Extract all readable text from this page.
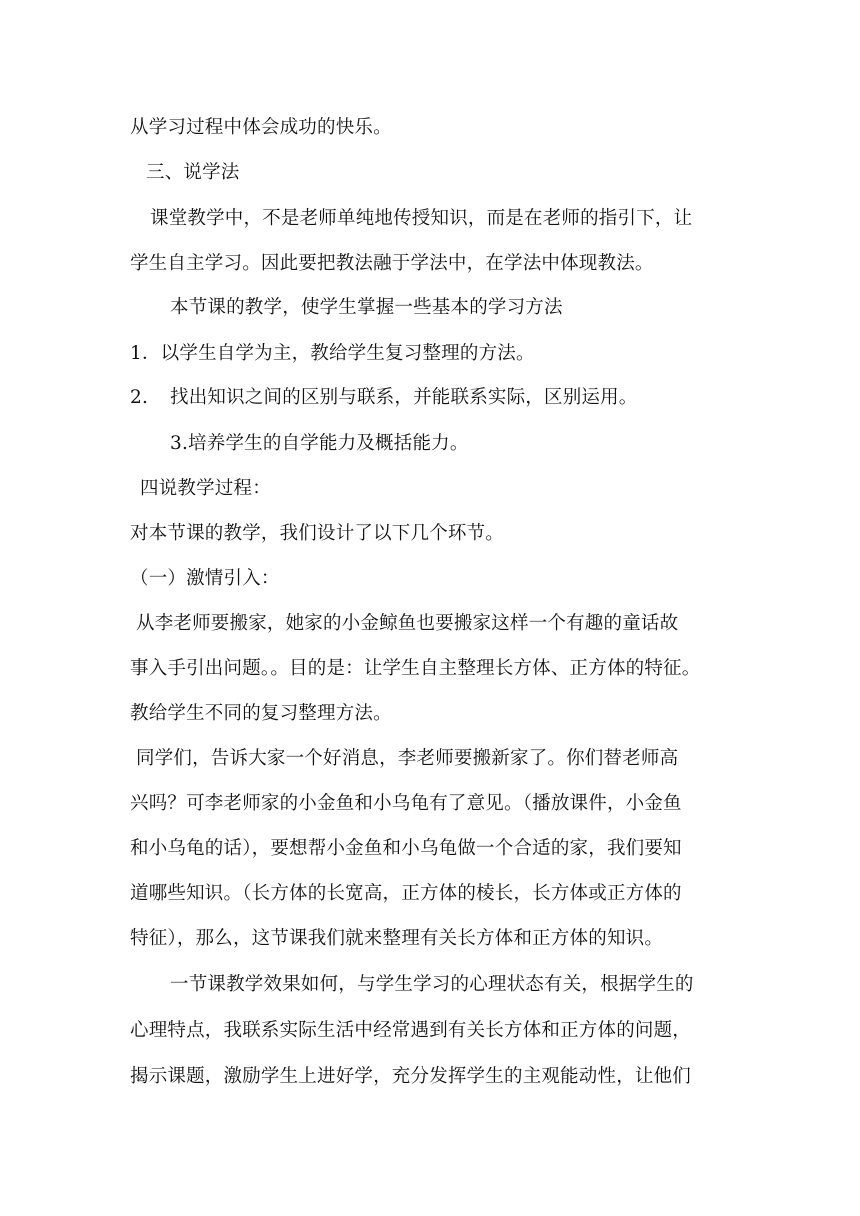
从学习过程中体会成功的快乐。
三、说学法
课堂教学中，不是老师单纯地传授知识，而是在老师的指引下，让
学生自主学习。因此要把教法融于学法中，在学法中体现教法。
本节课的教学，使学生掌握一些基本的学习方法
1．以学生自学为主，教给学生复习整理的方法。
2. 找出知识之间的区别与联系，并能联系实际，区别运用。
3.培养学生的自学能力及概括能力。
四说教学过程：
对本节课的教学，我们设计了以下几个环节。
（一）激情引入：
从李老师要搬家，她家的小金鲸鱼也要搬家这样一个有趣的童话故
事入手引出问题。。目的是：让学生自主整理长方体、正方体的特征。
教给学生不同的复习整理方法。
同学们，告诉大家一个好消息，李老师要搬新家了。你们替老师高
兴吗？可李老师家的小金鱼和小乌龟有了意见。（播放课件，小金鱼
和小乌龟的话），要想帮小金鱼和小乌龟做一个合适的家，我们要知
道哪些知识。（长方体的长宽高，正方体的棱长，长方体或正方体的
特征），那么，这节课我们就来整理有关长方体和正方体的知识。
一节课教学效果如何，与学生学习的心理状态有关，根据学生的
心理特点，我联系实际生活中经常遇到有关长方体和正方体的问题，
揭示课题，激励学生上进好学，充分发挥学生的主观能动性，让他们
